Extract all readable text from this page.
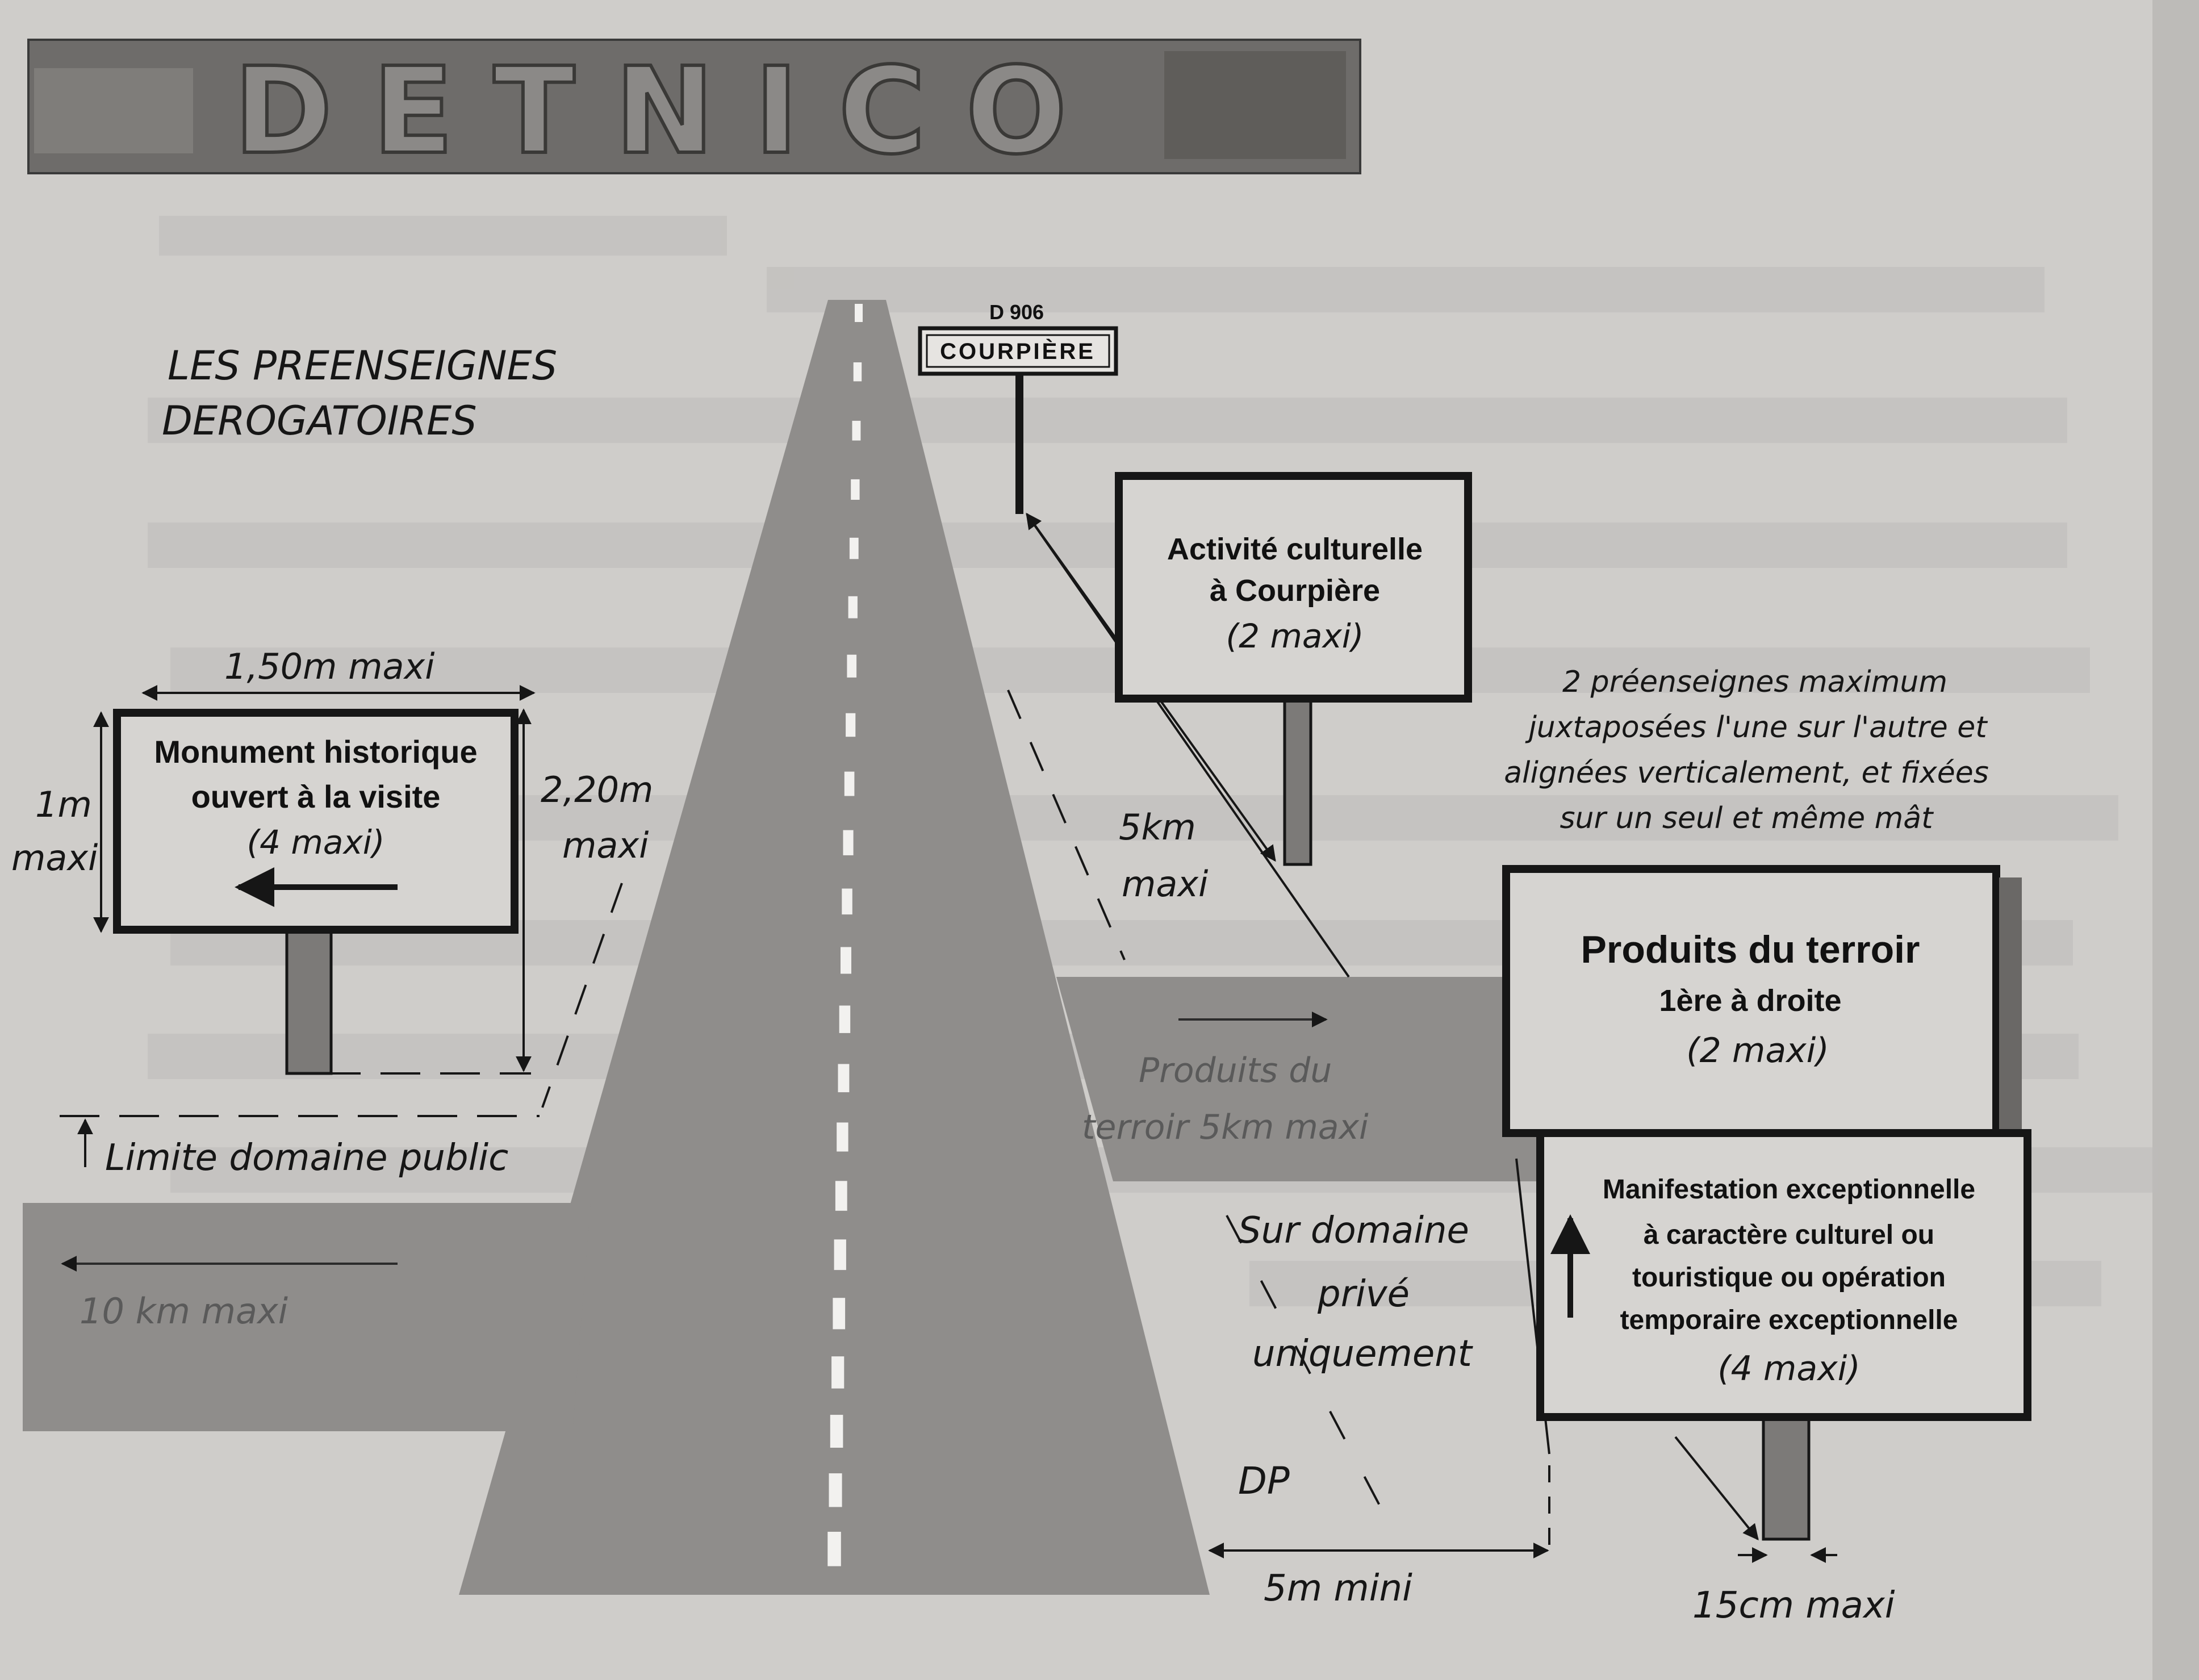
DETNICO
LES PREENSEIGNES
DEROGATOIRES
D 906
COURPIÈRE
Activité culturelle
à Courpière
(2 maxi)
Monument historique
ouvert à la visite
(4 maxi)
Produits du terroir
1ère à droite
(2 maxi)
Manifestation exceptionnelle
à caractère culturel ou
touristique ou opération
temporaire exceptionnelle
(4 maxi)
1,50m maxi
1m
maxi
2,20m
maxi	5km
maxi
Limite domaine public
10 km maxi
Produits du
terroir 5km maxi
Sur domaine
privé
uniquement
DP
5m mini	15cm maxi
2 préenseignes maximum
juxtaposées l'une sur l'autre et
alignées verticalement, et fixées
sur un seul et même mât
